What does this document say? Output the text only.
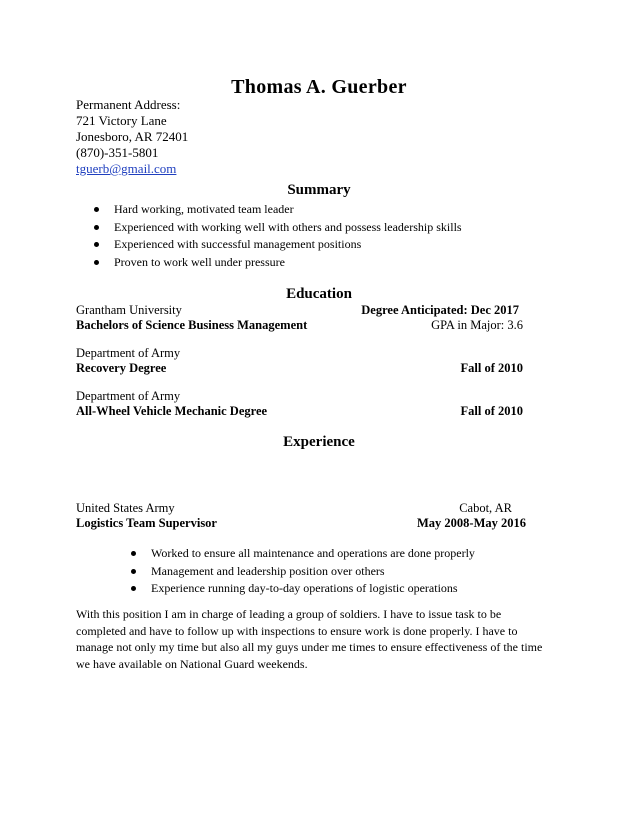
Thomas A. Guerber
Permanent Address:
721 Victory Lane
Jonesboro, AR 72401
(870)-351-5801
tguerb@gmail.com
Summary
Hard working, motivated team leader
Experienced with working well with others and possess leadership skills
Experienced with successful management positions
Proven to work well under pressure
Education
Grantham University	Degree Anticipated: Dec 2017
Bachelors of Science Business Management	GPA in Major: 3.6
Department of Army
Recovery Degree	Fall of 2010
Department of Army
All-Wheel Vehicle Mechanic Degree	Fall of 2010
Experience
United States Army	Cabot, AR
Logistics Team Supervisor	May 2008-May 2016
Worked to ensure all maintenance and operations are done properly
Management and leadership position over others
Experience running day-to-day operations of logistic operations

With this position I am in charge of leading a group of soldiers. I have to issue task to be

completed and have to follow up with inspections to ensure work is done properly. I have to

manage not only my time but also all my guys under me times to ensure effectiveness of the time

we have available on National Guard weekends.
